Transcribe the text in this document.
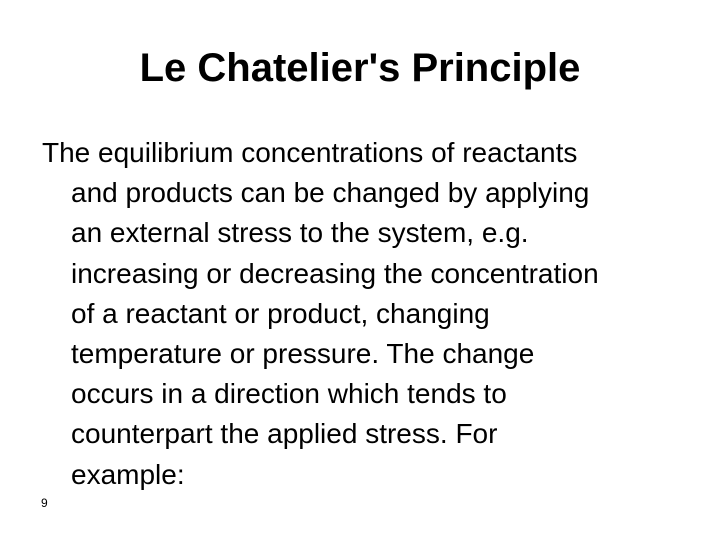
Le Chatelier's Principle
The equilibrium concentrations of reactants
and products can be changed by applying
an external stress to the system, e.g.
increasing or decreasing the concentration
of a reactant or product, changing
temperature or pressure. The change
occurs in a direction which tends to
counterpart the applied stress. For
example:
9
